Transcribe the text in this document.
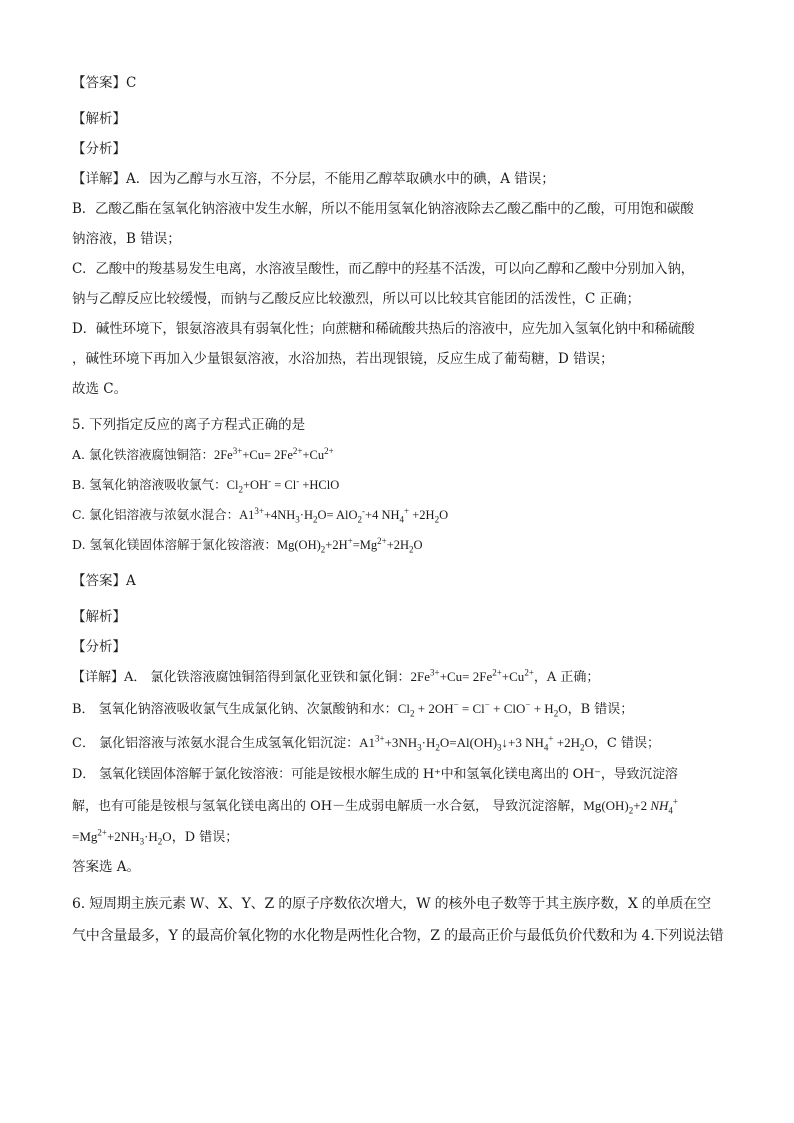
【答案】C
【解析】
【分析】
【详解】A．因为乙醇与水互溶，不分层，不能用乙醇萃取碘水中的碘，A 错误；
B．乙酸乙酯在氢氧化钠溶液中发生水解，所以不能用氢氧化钠溶液除去乙酸乙酯中的乙酸，可用饱和碳酸
钠溶液，B 错误；
C．乙酸中的羧基易发生电离，水溶液呈酸性，而乙醇中的羟基不活泼，可以向乙醇和乙酸中分别加入钠，
钠与乙醇反应比较缓慢，而钠与乙酸反应比较激烈，所以可以比较其官能团的活泼性，C 正确；
D．碱性环境下，银氨溶液具有弱氧化性；向蔗糖和稀硫酸共热后的溶液中，应先加入氢氧化钠中和稀硫酸
，碱性环境下再加入少量银氨溶液，水浴加热，若出现银镜，反应生成了葡萄糖，D 错误；
故选 C。
5. 下列指定反应的离子方程式正确的是
A. 氯化铁溶液腐蚀铜箔：$2Fe^{3+}+Cu= 2Fe^{2+}+Cu^{2+}$
B. 氢氧化钠溶液吸收氯气：$Cl_2+OH^- = Cl^-$ +HClO
C. 氯化铝溶液与浓氨水混合：$A1^{3+}+4NH_3\cdot H_2O= AlO_2^-+4$ $NH_4^+ +2H_2O$
D. 氢氧化镁固体溶解于氯化铵溶液：$Mg(OH)_2+2H^+=Mg^{2+}+2H_2O$
【答案】A
【解析】
【分析】
【详解】A． 氯化铁溶液腐蚀铜箔得到氯化亚铁和氯化铜：$2Fe^{3+}+Cu= 2Fe^{2+}+Cu^{2+}$，A 正确；
B． 氢氧化钠溶液吸收氯气生成氯化钠、次氯酸钠和水：$Cl_2 + 2OH^- = Cl^- + ClO^- + H_2O$，B 错误；
C． 氯化铝溶液与浓氨水混合生成氢氧化铝沉淀：$A1^{3+}+3NH_3\cdot H_2O=Al(OH)_3↓+3$ $NH_4^+ +2H_2O$，C 错误；
D． 氢氧化镁固体溶解于氯化铵溶液：可能是铵根水解生成的 H⁺中和氢氧化镁电离出的 OH⁻，导致沉淀溶
解，也有可能是铵根与氢氧化镁电离出的 OH－生成弱电解质一水合氨， 导致沉淀溶解，$Mg(OH)_2+2$ $NH_4^+$
$=Mg^{2+}+2NH_3\cdot H_2O$，D 错误；
答案选 A。
6. 短周期主族元素 W、X、Y、Z 的原子序数依次增大，W 的核外电子数等于其主族序数，X 的单质在空
气中含量最多，Y 的最高价氧化物的水化物是两性化合物，Z 的最高正价与最低负价代数和为 4.下列说法错
